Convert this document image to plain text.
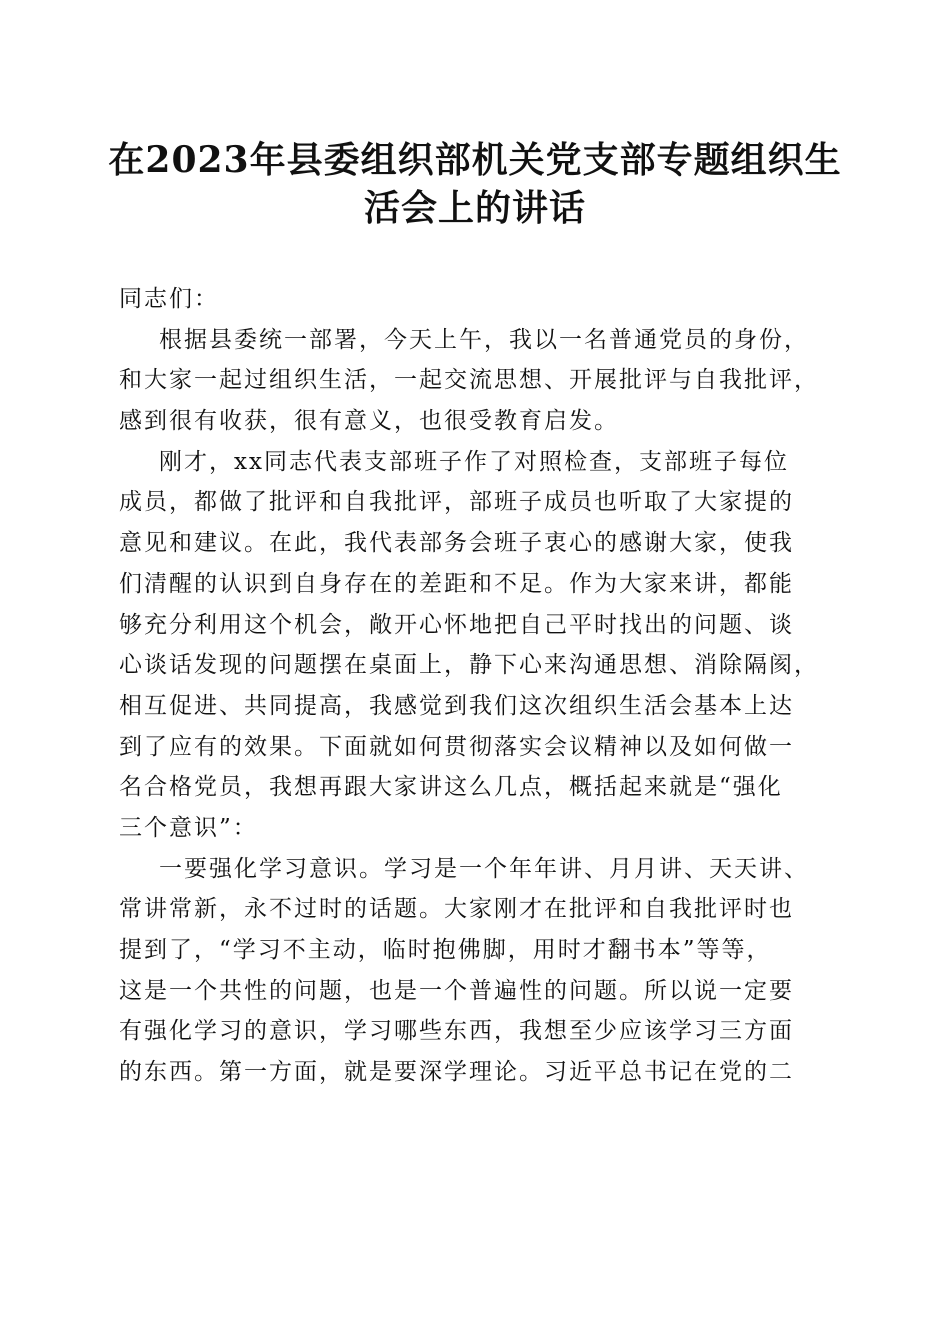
在2023年县委组织部机关党支部专题组织生
活会上的讲话
同志们：
根据县委统一部署，今天上午，我以一名普通党员的身份，
和大家一起过组织生活，一起交流思想、开展批评与自我批评，
感到很有收获，很有意义，也很受教育启发。
刚才，xx同志代表支部班子作了对照检查，支部班子每位
成员，都做了批评和自我批评，部班子成员也听取了大家提的
意见和建议。在此，我代表部务会班子衷心的感谢大家，使我
们清醒的认识到自身存在的差距和不足。作为大家来讲，都能
够充分利用这个机会，敞开心怀地把自己平时找出的问题、谈
心谈话发现的问题摆在桌面上，静下心来沟通思想、消除隔阂，
相互促进、共同提高，我感觉到我们这次组织生活会基本上达
到了应有的效果。下面就如何贯彻落实会议精神以及如何做一
名合格党员，我想再跟大家讲这么几点，概括起来就是“强化
三个意识”：
一要强化学习意识。学习是一个年年讲、月月讲、天天讲、
常讲常新，永不过时的话题。大家刚才在批评和自我批评时也
提到了，“学习不主动，临时抱佛脚，用时才翻书本”等等，
这是一个共性的问题，也是一个普遍性的问题。所以说一定要
有强化学习的意识，学习哪些东西，我想至少应该学习三方面
的东西。第一方面，就是要深学理论。习近平总书记在党的二
